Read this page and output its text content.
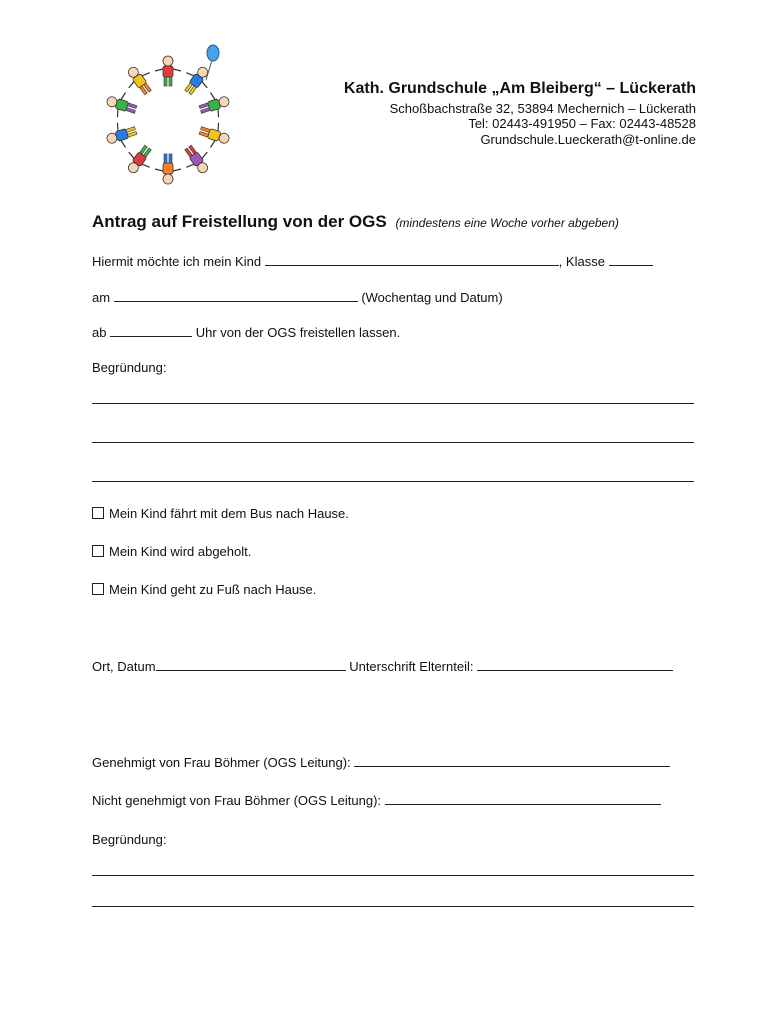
Kath. Grundschule „Am Bleiberg“ – Lückerath
Schoßbachstraße 32, 53894 Mechernich – Lückerath
Tel: 02443-491950 – Fax: 02443-48528
Grundschule.Lueckerath@t-online.de
Antrag auf Freistellung von der OGS (mindestens eine Woche vorher abgeben)
Hiermit möchte ich mein Kind	, Klasse
am	(Wochentag und Datum)
ab	Uhr von der OGS freistellen lassen.
Begründung:
Mein Kind fährt mit dem Bus nach Hause.
Mein Kind wird abgeholt.
Mein Kind geht zu Fuß nach Hause.
Ort, Datum	Unterschrift Elternteil:
Genehmigt von Frau Böhmer (OGS Leitung):
Nicht genehmigt von Frau Böhmer (OGS Leitung):
Begründung:
